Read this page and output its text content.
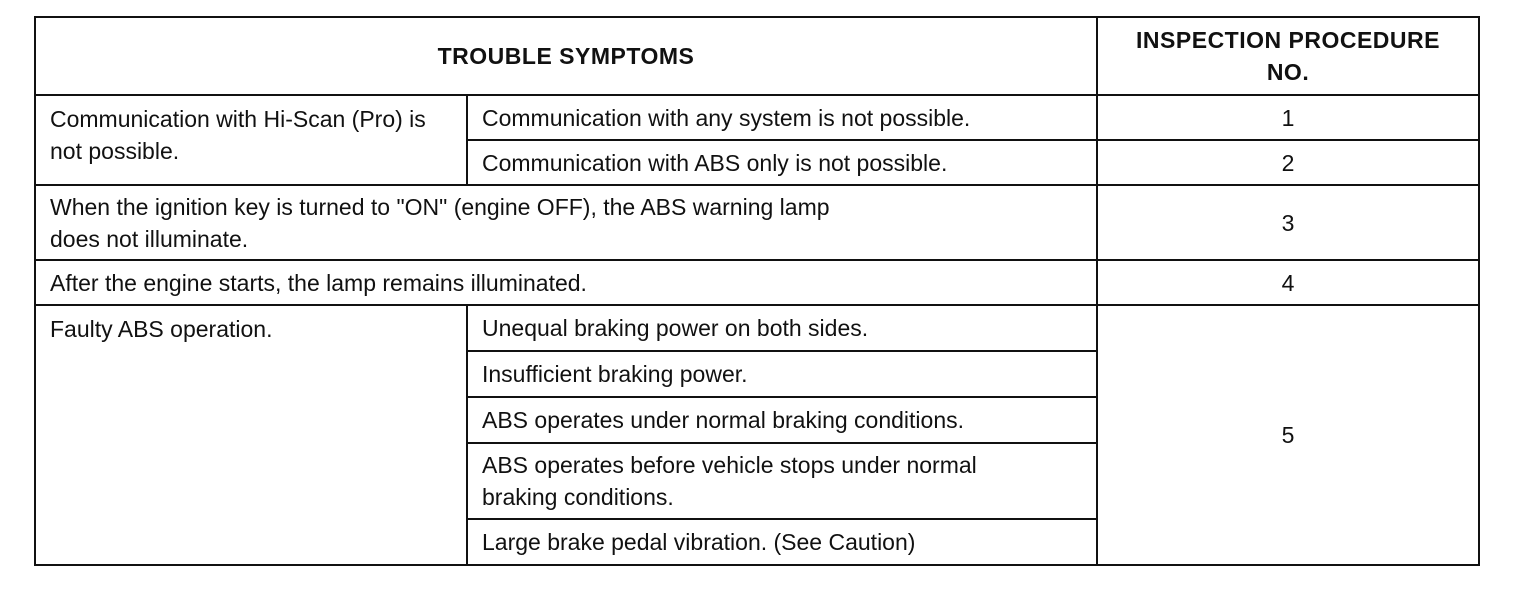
TROUBLE SYMPTOMS		INSPECTION PROCEDURE NO.
Communication with Hi-Scan (Pro) is not possible.	Communication with any system is not possible.	1
	Communication with ABS only is not possible.	2

When the ignition key is turned to "ON" (engine OFF), the ABS warning lamp does not illuminate.		3
After the engine starts, the lamp remains illuminated.		4
Faulty ABS operation.	Unequal braking power on both sides.	5
	Insufficient braking power.	
	ABS operates under normal braking conditions.	

	ABS operates before vehicle stops under normal braking conditions.	

	Large brake pedal vibration. (See Caution)	
